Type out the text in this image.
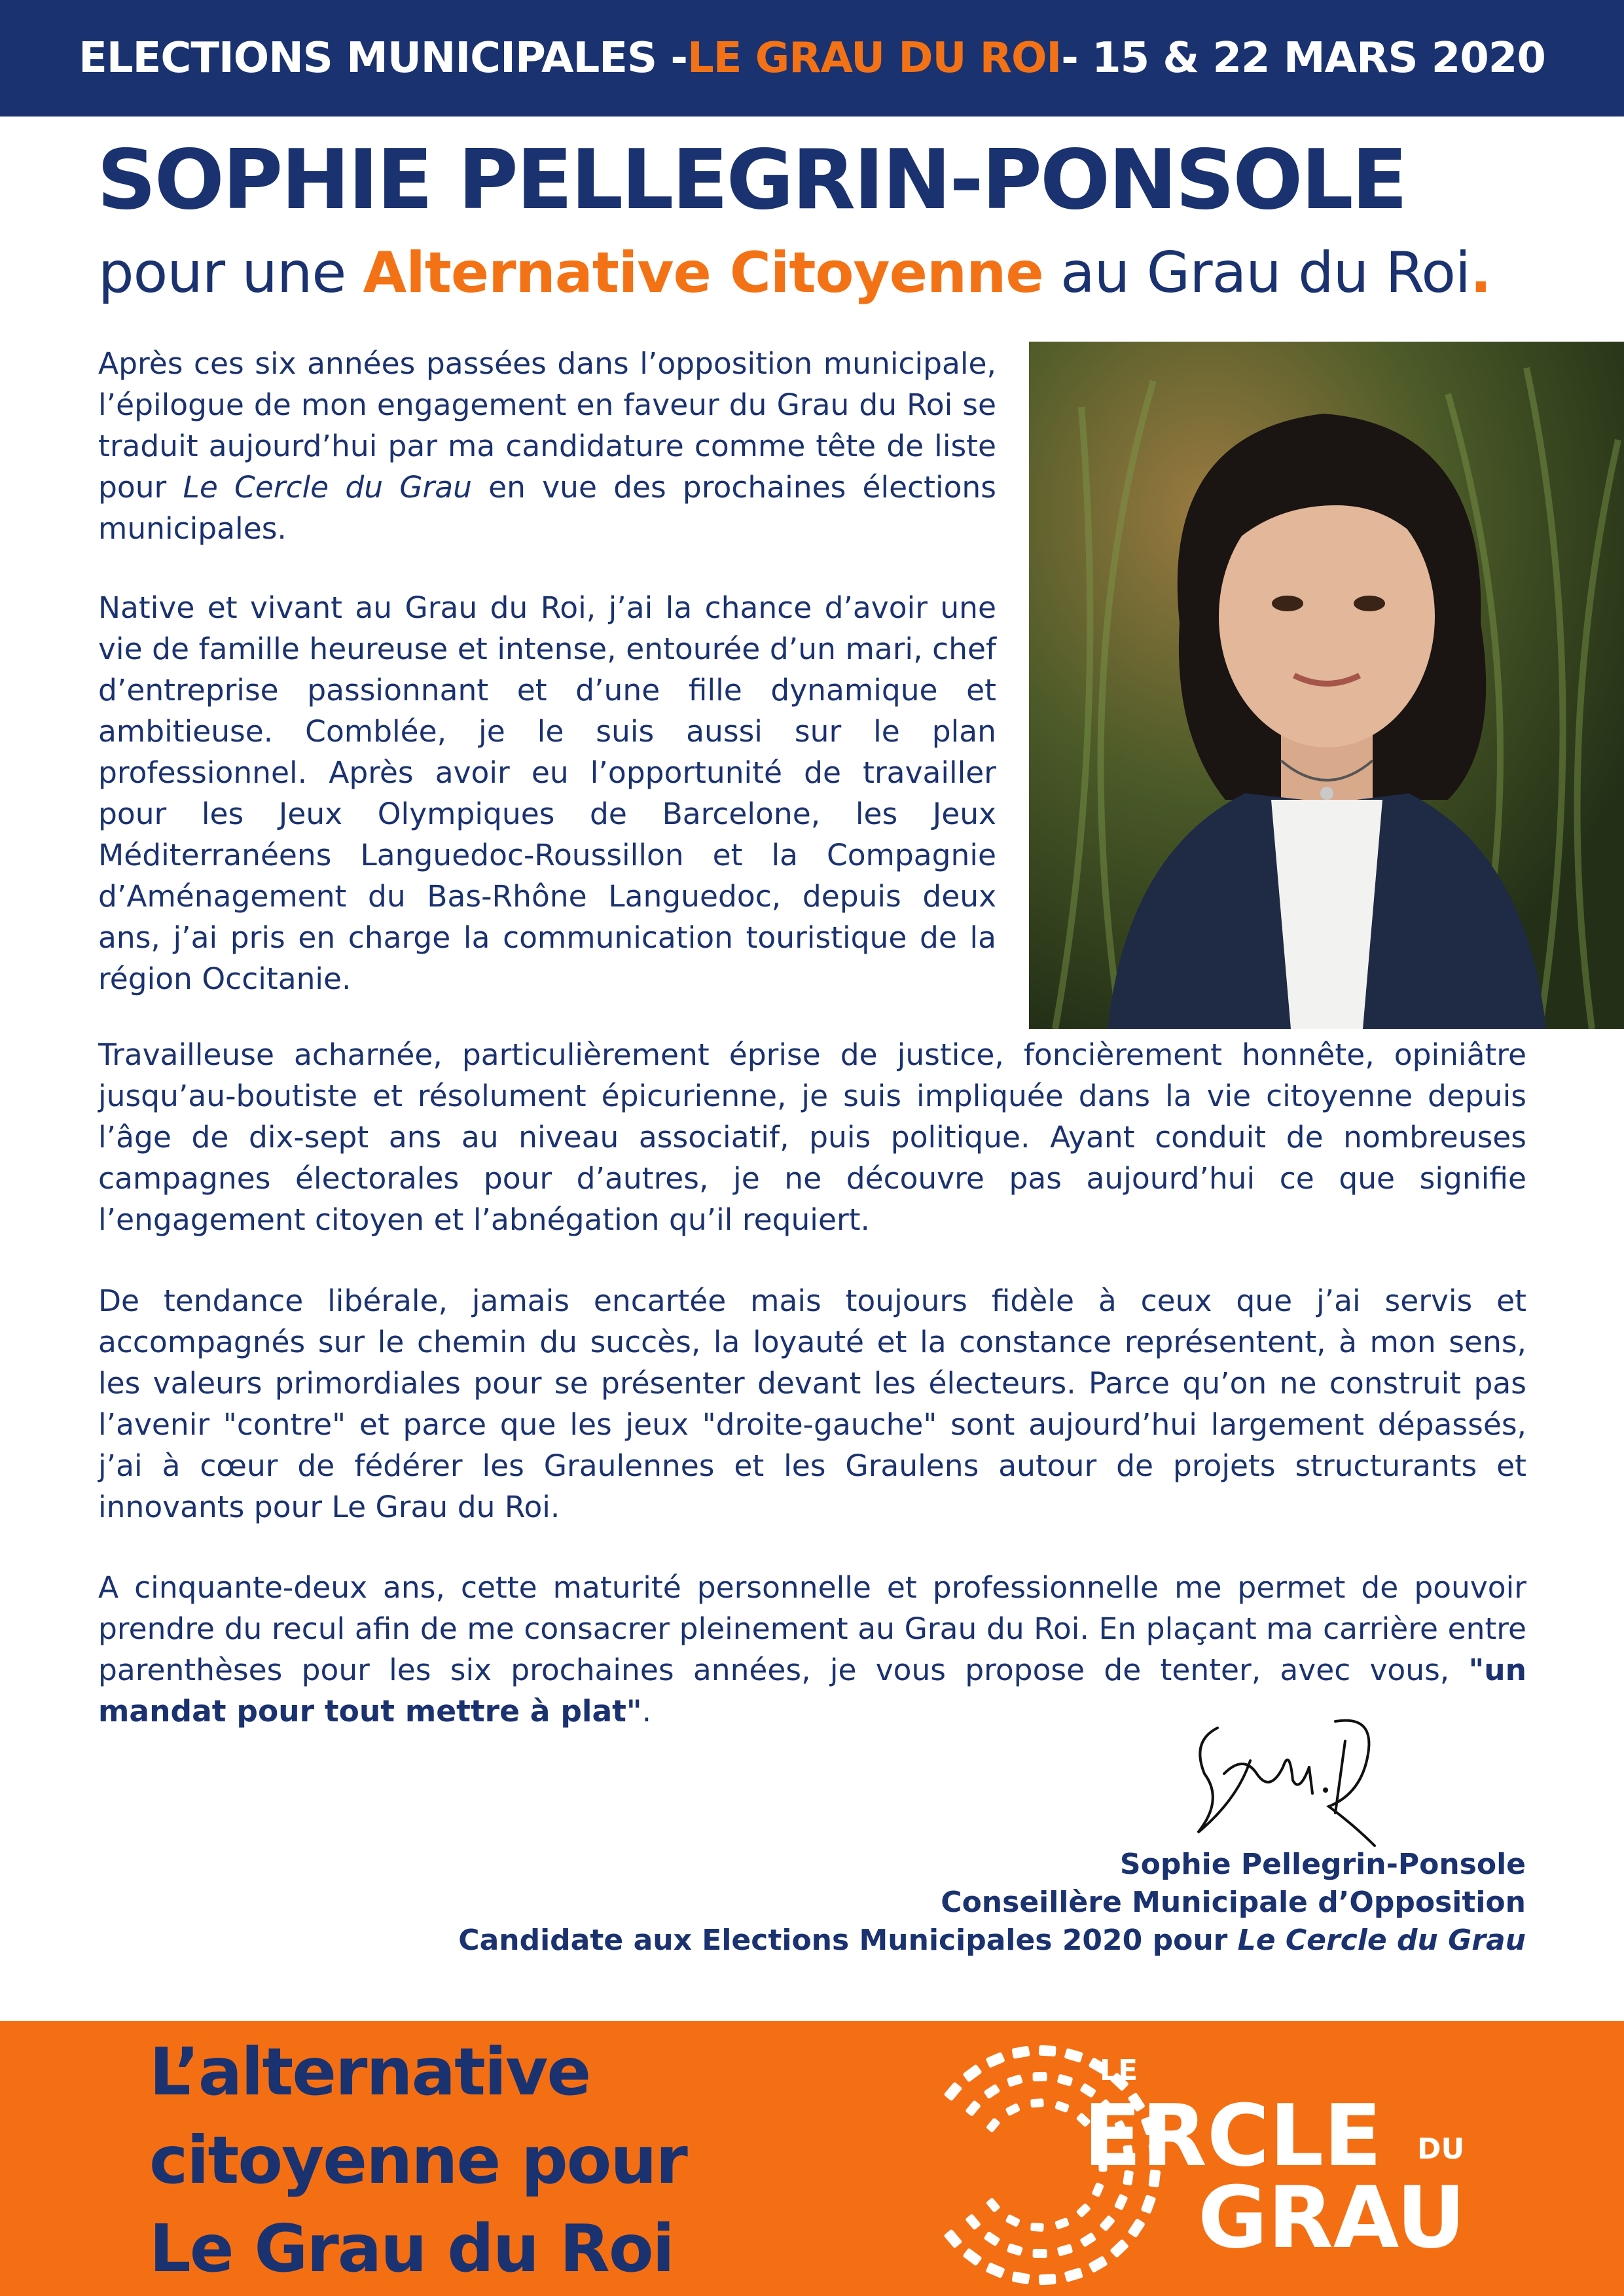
ELECTIONS MUNICIPALES - LE GRAU DU ROI - 15 & 22 MARS 2020
SOPHIE PELLEGRIN-PONSOLE
pour une Alternative Citoyenne au Grau du Roi.
Après ces six années passées dans l’opposition municipale, l’épilogue de mon engagement en faveur du Grau du Roi se traduit aujourd’hui par ma candidature comme tête de liste pour Le Cercle du Grau en vue des prochaines élections municipales.
Native et vivant au Grau du Roi, j’ai la chance d’avoir une vie de famille heureuse et intense, entourée d’un mari, chef d’entreprise passionnant et d’une fille dynamique et ambitieuse. Comblée, je le suis aussi sur le plan professionnel. Après avoir eu l’opportunité de travailler pour les Jeux Olympiques de Barcelone, les Jeux Méditerranéens Languedoc-Roussillon et la Compagnie d’Aménagement du Bas-Rhône Languedoc, depuis deux ans, j’ai pris en charge la communication touristique de la région Occitanie.
Travailleuse acharnée, particulièrement éprise de justice, foncièrement honnête, opiniâtre jusqu’au-boutiste et résolument épicurienne, je suis impliquée dans la vie citoyenne depuis l’âge de dix-sept ans au niveau associatif, puis politique. Ayant conduit de nombreuses campagnes électorales pour d’autres, je ne découvre pas aujourd’hui ce que signifie l’engagement citoyen et l’abnégation qu’il requiert.
De tendance libérale, jamais encartée mais toujours fidèle à ceux que j’ai servis et accompagnés sur le chemin du succès, la loyauté et la constance représentent, à mon sens, les valeurs primordiales pour se présenter devant les électeurs. Parce qu’on ne construit pas l’avenir "contre" et parce que les jeux "droite-gauche" sont aujourd’hui largement dépassés, j’ai à cœur de fédérer les Graulennes et les Graulens autour de projets structurants et innovants pour Le Grau du Roi.
A cinquante-deux ans, cette maturité personnelle et professionnelle me permet de pouvoir prendre du recul afin de me consacrer pleinement au Grau du Roi. En plaçant ma carrière entre parenthèses pour les six prochaines années, je vous propose de tenter, avec vous, "un mandat pour tout mettre à plat".
Sophie Pellegrin-Ponsole
Conseillère Municipale d’Opposition
Candidate aux Elections Municipales 2020 pour Le Cercle du Grau
L’alternative
citoyenne pour
Le Grau du Roi
LE
ERCLE DU
GRAU
